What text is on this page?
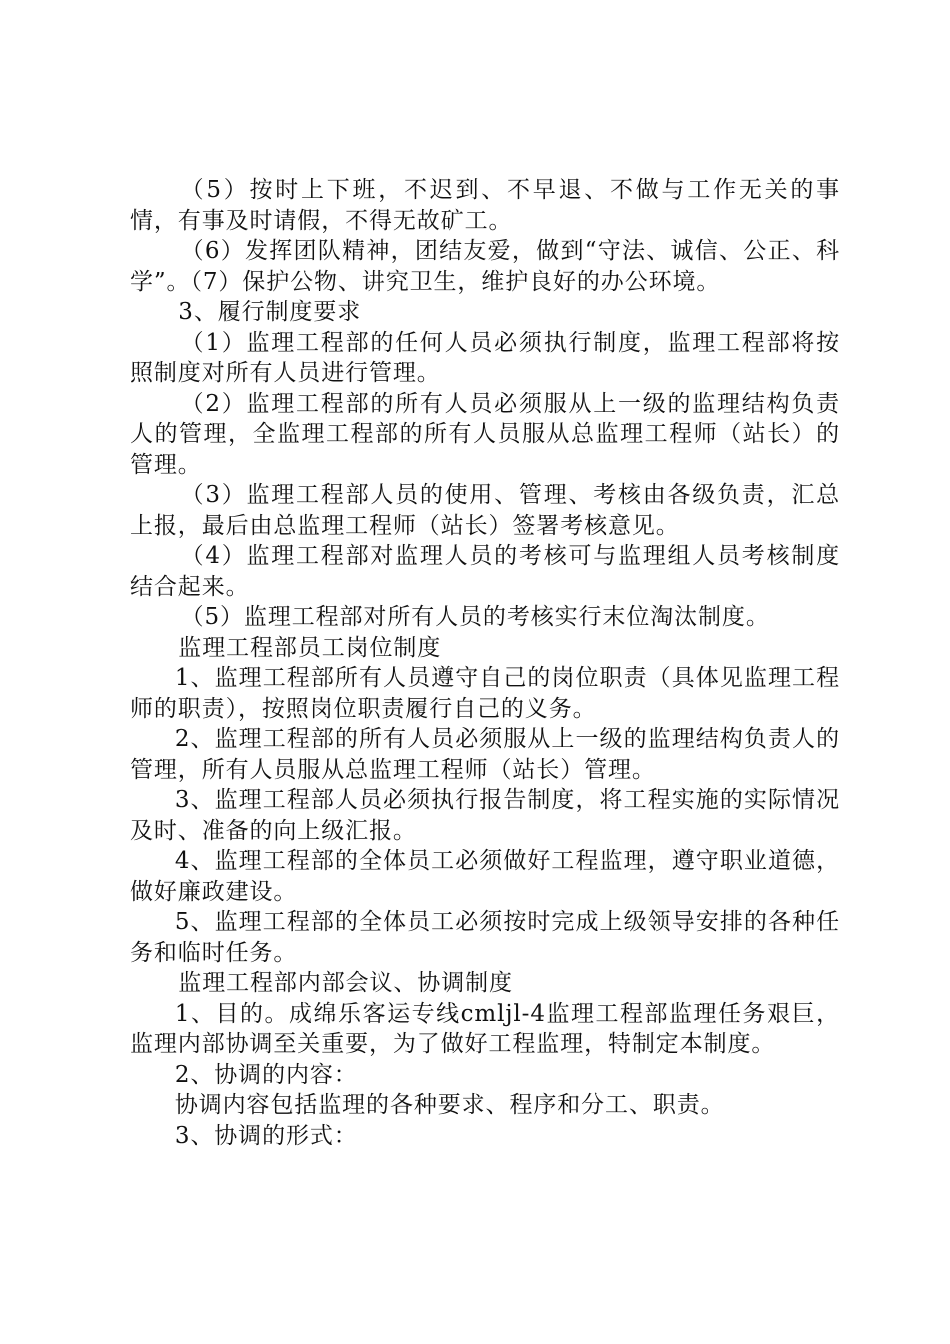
（5）按时上下班，不迟到、不早退、不做与工作无关的事情，有事及时请假，不得无故矿工。

（6）发挥团队精神，团结友爱，做到“守法、诚信、公正、科学”。（7）保护公物、讲究卫生，维护良好的办公环境。

3、履行制度要求

（1）监理工程部的任何人员必须执行制度，监理工程部将按照制度对所有人员进行管理。

（2）监理工程部的所有人员必须服从上一级的监理结构负责人的管理，全监理工程部的所有人员服从总监理工程师（站长）的管理。

（3）监理工程部人员的使用、管理、考核由各级负责，汇总上报，最后由总监理工程师（站长）签署考核意见。

（4）监理工程部对监理人员的考核可与监理组人员考核制度结合起来。

（5）监理工程部对所有人员的考核实行末位淘汰制度。

监理工程部员工岗位制度

1、监理工程部所有人员遵守自己的岗位职责（具体见监理工程师的职责），按照岗位职责履行自己的义务。

2、监理工程部的所有人员必须服从上一级的监理结构负责人的管理，所有人员服从总监理工程师（站长）管理。

3、监理工程部人员必须执行报告制度，将工程实施的实际情况及时、准备的向上级汇报。

4、监理工程部的全体员工必须做好工程监理，遵守职业道德，做好廉政建设。

5、监理工程部的全体员工必须按时完成上级领导安排的各种任务和临时任务。

监理工程部内部会议、协调制度

1、目的。成绵乐客运专线cmljl-4监理工程部监理任务艰巨，监理内部协调至关重要，为了做好工程监理，特制定本制度。

2、协调的内容：

协调内容包括监理的各种要求、程序和分工、职责。

3、协调的形式：
